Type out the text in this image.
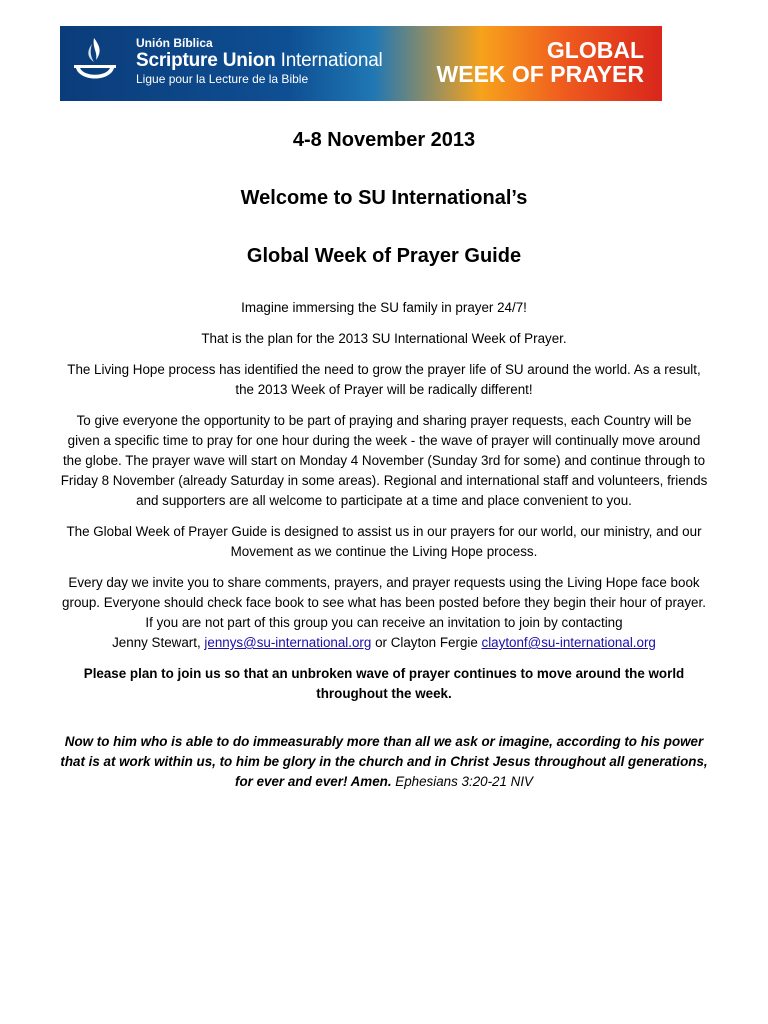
Unión Bíblica
Scripture Union International
Ligue pour la Lecture de la Bible
GLOBAL
WEEK OF PRAYER
4-8 November 2013
Welcome to SU International’s
Global Week of Prayer Guide

Imagine immersing the SU family in prayer 24/7!

That is the plan for the 2013 SU International Week of Prayer.

The Living Hope process has identified the need to grow the prayer life of SU around the world. As a result, the 2013 Week of Prayer will be radically different!

To give everyone the opportunity to be part of praying and sharing prayer requests, each Country will be given a specific time to pray for one hour during the week - the wave of prayer will continually move around the globe. The prayer wave will start on Monday 4 November (Sunday 3rd for some) and continue through to Friday 8 November (already Saturday in some areas). Regional and international staff and volunteers, friends and supporters are all welcome to participate at a time and place convenient to you.

The Global Week of Prayer Guide is designed to assist us in our prayers for our world, our ministry, and our Movement as we continue the Living Hope process.

Every day we invite you to share comments, prayers, and prayer requests using the Living Hope face book group. Everyone should check face book to see what has been posted before they begin their hour of prayer. If you are not part of this group you can receive an invitation to join by contacting
Jenny Stewart, jennys@su-international.org or Clayton Fergie claytonf@su-international.org

Please plan to join us so that an unbroken wave of prayer continues to move around the world throughout the week.

Now to him who is able to do immeasurably more than all we ask or imagine, according to his power that is at work within us, to him be glory in the church and in Christ Jesus throughout all generations, for ever and ever! Amen. Ephesians 3:20-21 NIV
